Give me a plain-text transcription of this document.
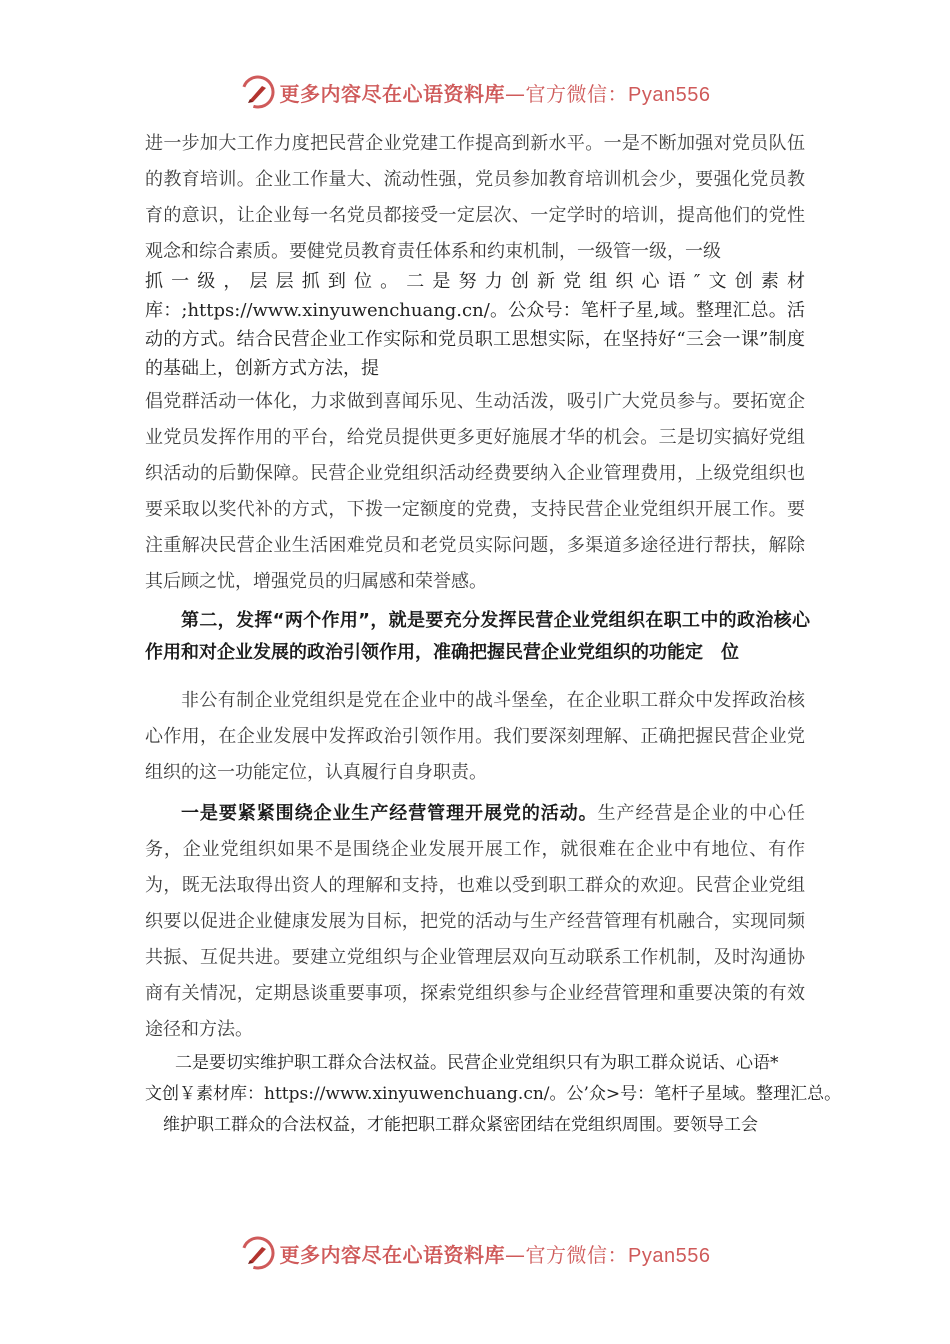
更多内容尽在心语资料库—官方微信：Pyan556

进一步加大工作力度把民营企业党建工作提高到新水平。一是不断加强对党员队伍的教育培训。企业工作量大、流动性强，党员参加教育培训机会少，要强化党员教育的意识，让企业每一名党员都接受一定层次、一定学时的培训，提高他们的党性观念和综合素质。要健党员教育责任体系和约束机制，一级管一级，一级

抓一级，层层抓到位。二是努力创新党组织心语″文创素材库：;https://www.xinyuwenchuang.cn/。公众号：笔杆子星,域。整理汇总。活动的方式。结合民营企业工作实际和党员职工思想实际，在坚持好“三会一课”制度的基础上，创新方式方法，提

倡党群活动一体化，力求做到喜闻乐见、生动活泼，吸引广大党员参与。要拓宽企业党员发挥作用的平台，给党员提供更多更好施展才华的机会。三是切实搞好党组织活动的后勤保障。民营企业党组织活动经费要纳入企业管理费用，上级党组织也要采取以奖代补的方式，下拨一定额度的党费，支持民营企业党组织开展工作。要注重解决民营企业生活困难党员和老党员实际问题，多渠道多途径进行帮扶，解除其后顾之忧，增强党员的归属感和荣誉感。

第二，发挥“两个作用”，就是要充分发挥民营企业党组织在职工中的政治核心作用和对企业发展的政治引领作用，准确把握民营企业党组织的功能定　位

非公有制企业党组织是党在企业中的战斗堡垒，在企业职工群众中发挥政治核心作用，在企业发展中发挥政治引领作用。我们要深刻理解、正确把握民营企业党组织的这一功能定位，认真履行自身职责。

一是要紧紧围绕企业生产经营管理开展党的活动。生产经营是企业的中心任务，企业党组织如果不是围绕企业发展开展工作，就很难在企业中有地位、有作为，既无法取得出资人的理解和支持，也难以受到职工群众的欢迎。民营企业党组织要以促进企业健康发展为目标，把党的活动与生产经营管理有机融合，实现同频共振、互促共进。要建立党组织与企业管理层双向互动联系工作机制，及时沟通协商有关情况，定期恳谈重要事项，探索党组织参与企业经营管理和重要决策的有效途径和方法。

二是要切实维护职工群众合法权益。民营企业党组织只有为职工群众说话、心语*
文创￥素材库：https://www.xinyuwenchuang.cn/。公’众>号：笔杆子星域。整理汇总。
维护职工群众的合法权益，才能把职工群众紧密团结在党组织周围。要领导工会
更多内容尽在心语资料库—官方微信：Pyan556
